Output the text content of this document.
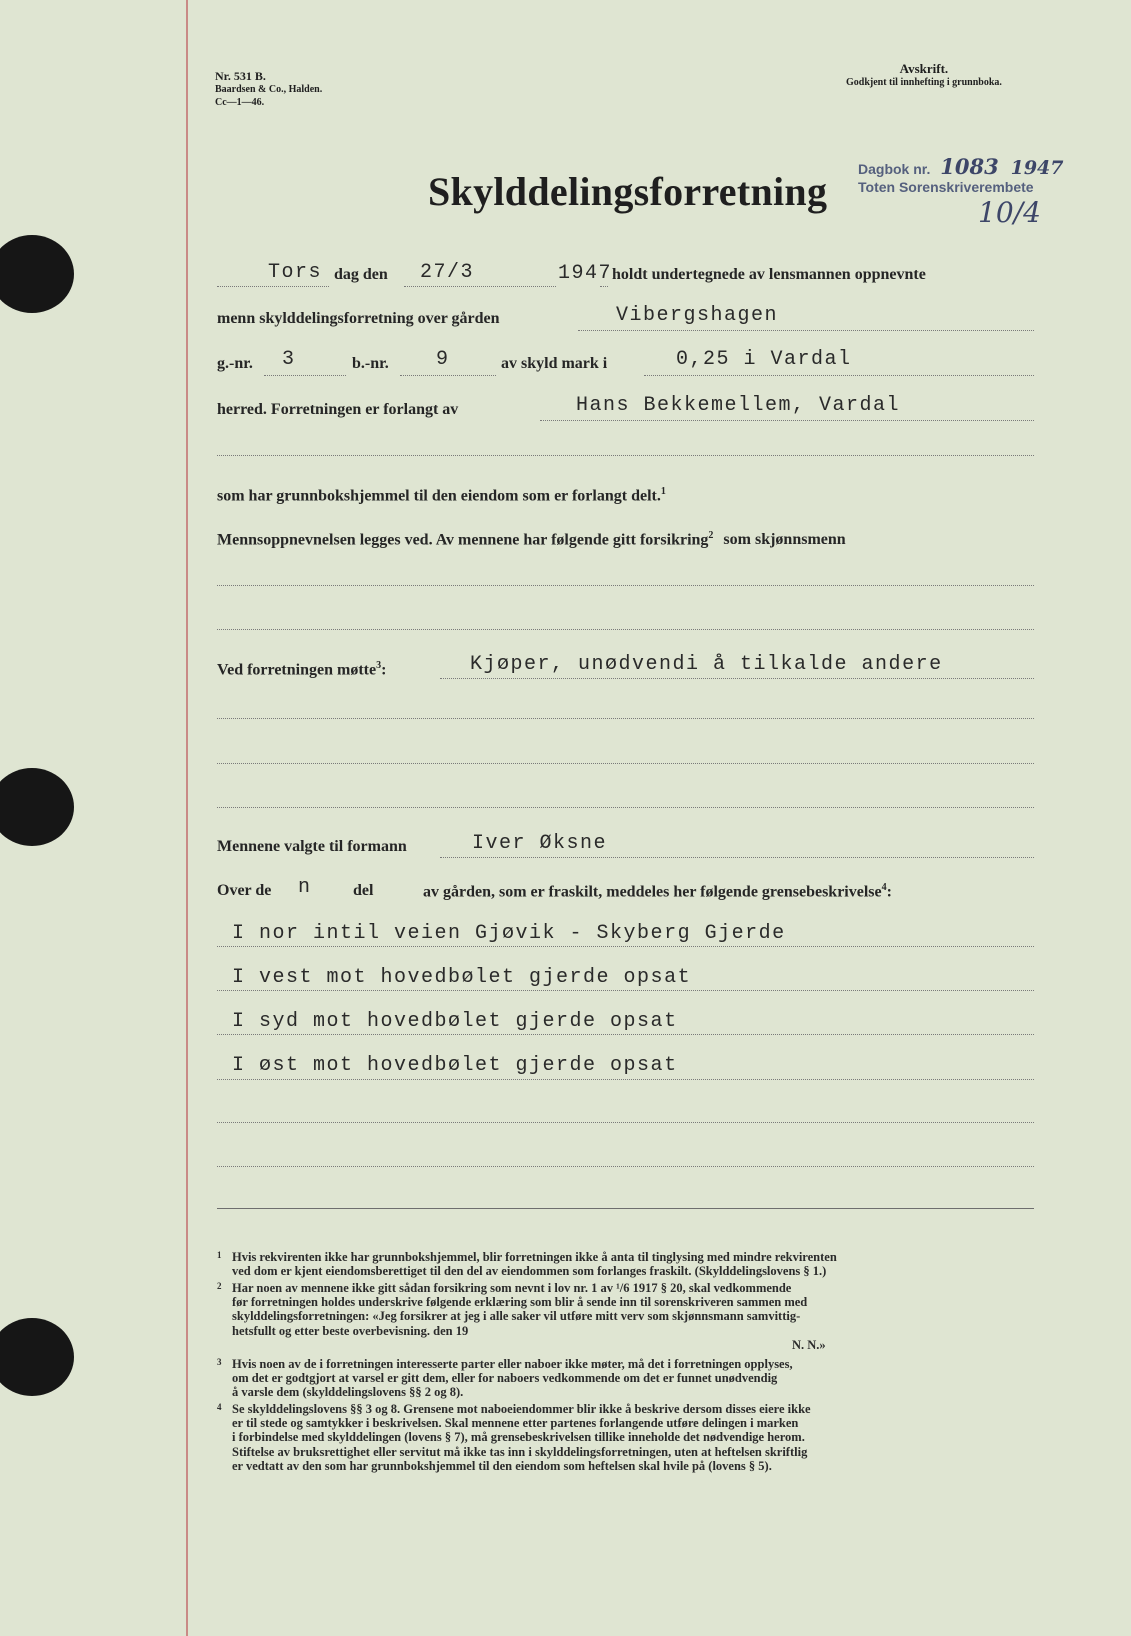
Nr. 531 B.
Baardsen & Co., Halden.
Cc—1—46.
Avskrift.
Godkjent til innhefting i grunnboka.
Skylddelingsforretning Dagbok nr. 1083 1947
Toten Sorenskriverembete
10/4
Tors dag den 27/3	1947 holdt undertegnede av lensmannen oppnevnte
menn skylddelingsforretning over gården	Vibergshagen
g.-nr. 3	b.-nr. 9	av skyld mark i	0,25 i Vardal
herred. Forretningen er forlangt av	Hans Bekkemellem, Vardal
som har grunnbokshjemmel til den eiendom som er forlangt delt.$^1$
Mennsoppnevnelsen legges ved. Av mennene har følgende gitt forsikring$^2$ som skjønnsmenn
Ved forretningen møtte$^3$:	Kjøper, unødvendi å tilkalde andere
Mennene valgte til formann	Iver Øksne
Over de n	del	av gården, som er fraskilt, meddeles her følgende grensebeskrivelse$^4$:
I nor intil veien Gjøvik - Skyberg Gjerde
I vest mot hovedbølet gjerde opsat
I syd mot hovedbølet gjerde opsat
I øst mot hovedbølet gjerde opsat
1 Hvis rekvirenten ikke har grunnbokshjemmel, blir forretningen ikke å anta til tinglysing med mindre rekvirenten

ved dom er kjent eiendomsberettiget til den del av eiendommen som forlanges fraskilt. (Skylddelingslovens § 1.)

2 Har noen av mennene ikke gitt sådan forsikring som nevnt i lov nr. 1 av ¹/6 1917 § 20, skal vedkommende

før forretningen holdes underskrive følgende erklæring som blir å sende inn til sorenskriveren sammen med

skylddelingsforretningen: «Jeg forsikrer at jeg i alle saker vil utføre mitt verv som skjønnsmann samvittig-

hetsfullt og etter beste overbevisning. den 19

N. N.»

3 Hvis noen av de i forretningen interesserte parter eller naboer ikke møter, må det i forretningen opplyses,

om det er godtgjort at varsel er gitt dem, eller for naboers vedkommende om det er funnet unødvendig

å varsle dem (skylddelingslovens §§ 2 og 8).

4 Se skylddelingslovens §§ 3 og 8. Grensene mot naboeiendommer blir ikke å beskrive dersom disses eiere ikke

er til stede og samtykker i beskrivelsen. Skal mennene etter partenes forlangende utføre delingen i marken

i forbindelse med skylddelingen (lovens § 7), må grensebeskrivelsen tillike inneholde det nødvendige herom.

Stiftelse av bruksrettighet eller servitut må ikke tas inn i skylddelingsforretningen, uten at heftelsen skriftlig

er vedtatt av den som har grunnbokshjemmel til den eiendom som heftelsen skal hvile på (lovens § 5).
